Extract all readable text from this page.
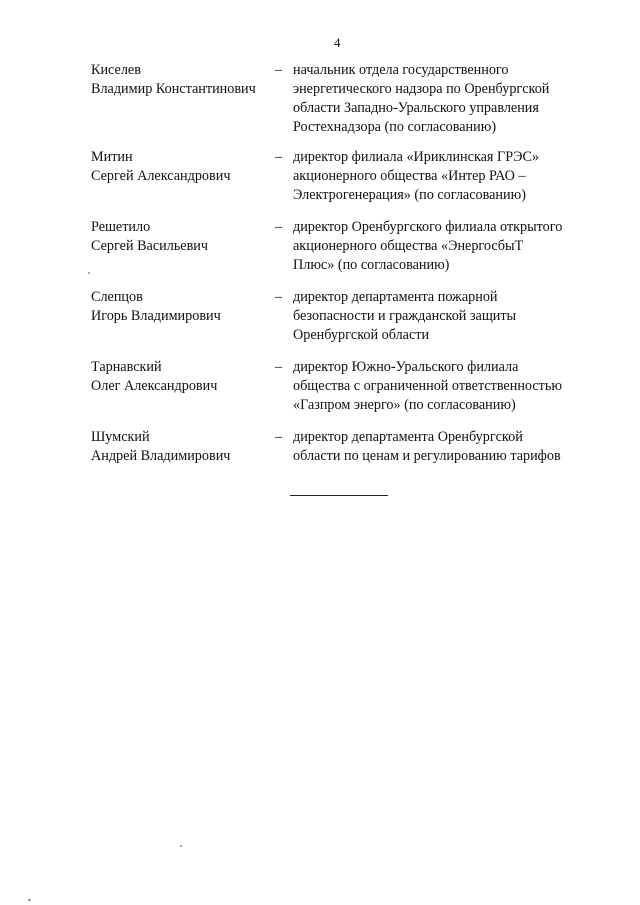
4
Киселев
Владимир Константинович
– начальник отдела государственного
энергетического надзора по Оренбургской
области Западно-Уральского управления
Ростехнадзора (по согласованию)
Митин
Сергей Александрович
– директор филиала «Ириклинская ГРЭС»
акционерного общества «Интер РАО –
Электрогенерация» (по согласованию)
Решетило
Сергей Васильевич
– директор Оренбургского филиала открытого
акционерного общества «ЭнергосбыТ
Плюс» (по согласованию)
Слепцов
Игорь Владимирович
– директор департамента пожарной
безопасности и гражданской защиты
Оренбургской области
Тарнавский
Олег Александрович
– директор Южно-Уральского филиала
общества с ограниченной ответственностью
«Газпром энерго» (по согласованию)
Шумский
Андрей Владимирович
– директор департамента Оренбургской
области по ценам и регулированию тарифов
